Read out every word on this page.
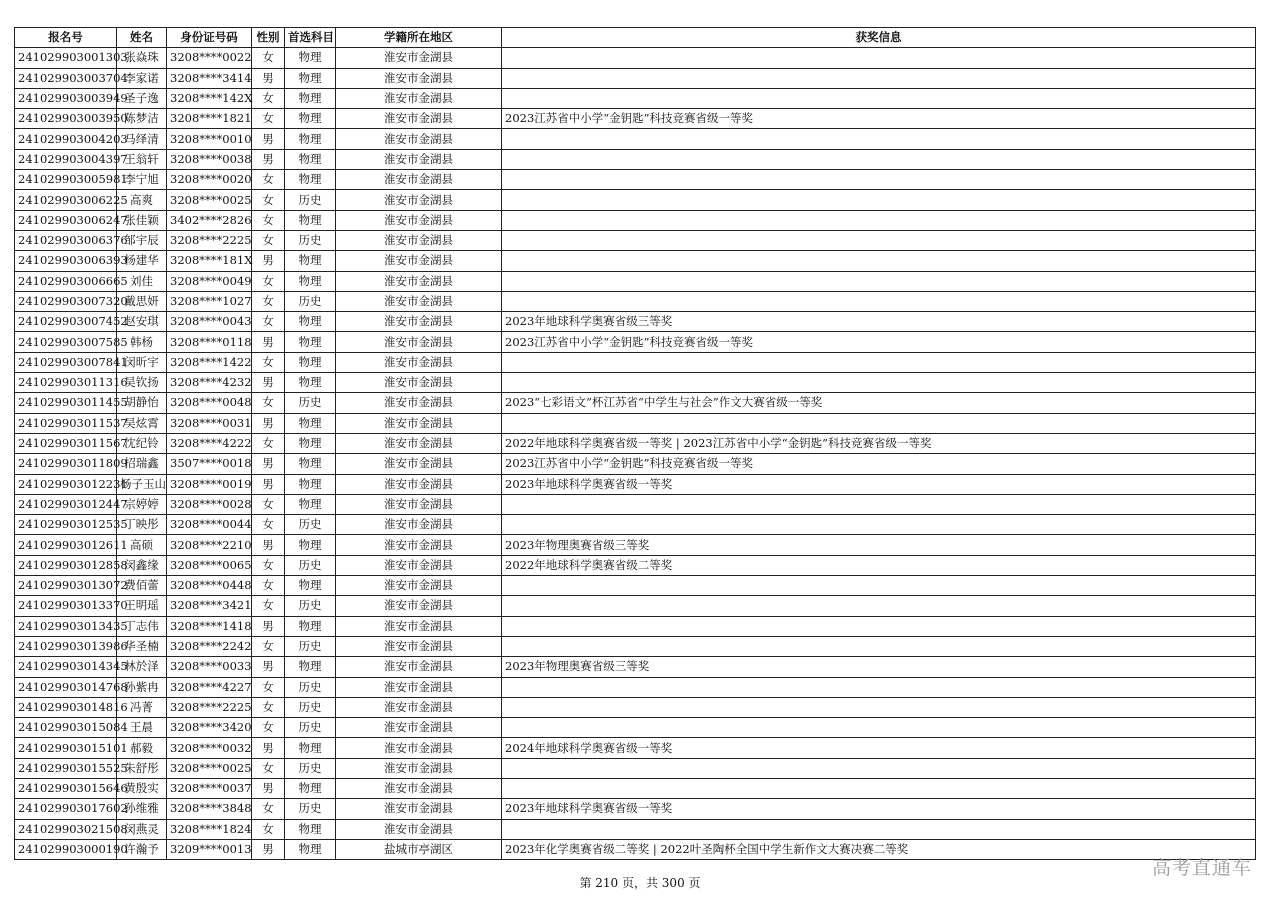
报名号	姓名	身份证号码	性别	首选科目	学籍所在地区	获奖信息
241029903001303	张焱珠	3208****0022	女	物理	淮安市金湖县	
241029903003704	李家诺	3208****3414	男	物理	淮安市金湖县	
241029903003949	圣子逸	3208****142X	女	物理	淮安市金湖县	
241029903003950	陈梦洁	3208****1821	女	物理	淮安市金湖县	2023江苏省中小学“金钥匙”科技竞赛省级一等奖
241029903004203	马绎清	3208****0010	男	物理	淮安市金湖县	
241029903004397	王翁轩	3208****0038	男	物理	淮安市金湖县	
241029903005981	李宁旭	3208****0020	女	物理	淮安市金湖县	
241029903006225	高爽	3208****0025	女	历史	淮安市金湖县	
241029903006247	张佳颖	3402****2826	女	物理	淮安市金湖县	
241029903006376	邹宇辰	3208****2225	女	历史	淮安市金湖县	
241029903006393	杨建华	3208****181X	男	物理	淮安市金湖县	
241029903006665	刘佳	3208****0049	女	物理	淮安市金湖县	
241029903007320	戴思妍	3208****1027	女	历史	淮安市金湖县	
241029903007452	赵安琪	3208****0043	女	物理	淮安市金湖县	2023年地球科学奥赛省级三等奖
241029903007585	韩杨	3208****0118	男	物理	淮安市金湖县	2023江苏省中小学“金钥匙”科技竞赛省级一等奖
241029903007841	闵昕宇	3208****1422	女	物理	淮安市金湖县	
241029903011316	吴钦扬	3208****4232	男	物理	淮安市金湖县	
241029903011455	胡静怡	3208****0048	女	历史	淮安市金湖县	2023“七彩语文”杯江苏省“中学生与社会”作文大赛省级一等奖
241029903011537	吴炫霄	3208****0031	男	物理	淮安市金湖县	
241029903011567	沈纪铃	3208****4222	女	物理	淮安市金湖县	2022年地球科学奥赛省级一等奖 | 2023江苏省中小学“金钥匙”科技竞赛省级一等奖
241029903011809	招瑞鑫	3507****0018	男	物理	淮安市金湖县	2023江苏省中小学“金钥匙”科技竞赛省级一等奖
241029903012231	杨子玉山	3208****0019	男	物理	淮安市金湖县	2023年地球科学奥赛省级一等奖
241029903012447	宗婷婷	3208****0028	女	物理	淮安市金湖县	
241029903012535	丁映彤	3208****0044	女	历史	淮安市金湖县	
241029903012611	高硕	3208****2210	男	物理	淮安市金湖县	2023年物理奥赛省级三等奖
241029903012858	闵鑫缘	3208****0065	女	历史	淮安市金湖县	2022年地球科学奥赛省级二等奖
241029903013072	费佰蕾	3208****0448	女	物理	淮安市金湖县	
241029903013370	王明瑶	3208****3421	女	历史	淮安市金湖县	
241029903013435	丁志伟	3208****1418	男	物理	淮安市金湖县	
241029903013986	华圣楠	3208****2242	女	历史	淮安市金湖县	
241029903014345	林於泽	3208****0033	男	物理	淮安市金湖县	2023年物理奥赛省级三等奖
241029903014768	孙紫冉	3208****4227	女	历史	淮安市金湖县	
241029903014816	冯菁	3208****2225	女	历史	淮安市金湖县	
241029903015084	王晨	3208****3420	女	历史	淮安市金湖县	
241029903015101	郝毅	3208****0032	男	物理	淮安市金湖县	2024年地球科学奥赛省级一等奖
241029903015525	朱舒彤	3208****0025	女	历史	淮安市金湖县	
241029903015646	黄殷实	3208****0037	男	物理	淮安市金湖县	
241029903017602	孙维雅	3208****3848	女	历史	淮安市金湖县	2023年地球科学奥赛省级一等奖
241029903021508	闵燕灵	3208****1824	女	物理	淮安市金湖县	
241029903000190	许瀚予	3209****0013	男	物理	盐城市亭湖区	2023年化学奥赛省级二等奖 | 2022叶圣陶杯全国中学生新作文大赛决赛二等奖
第 210 页，共 300 页
高考直通车
